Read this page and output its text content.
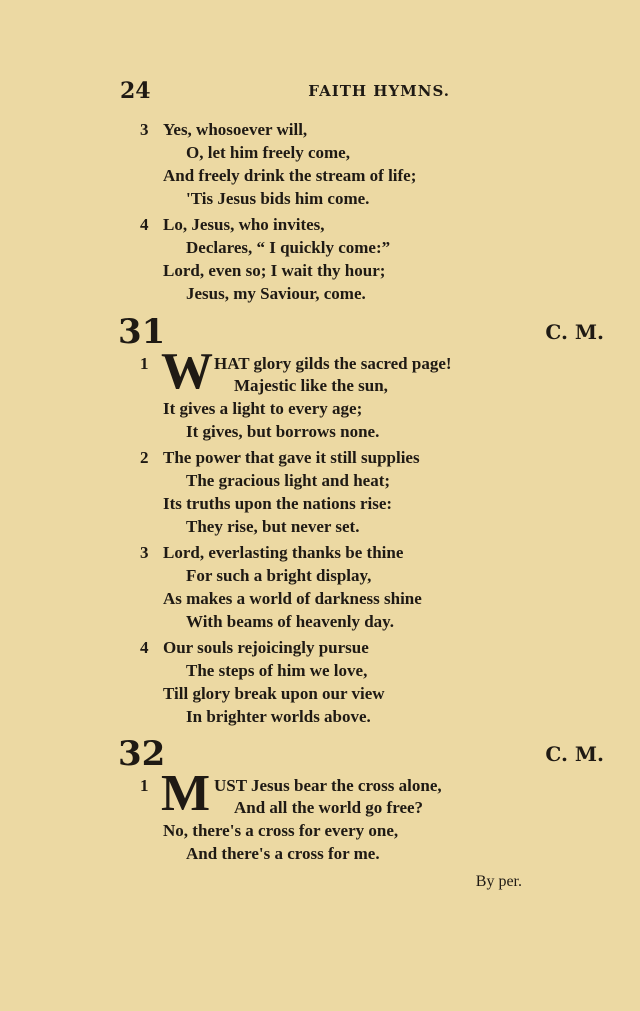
24	FAITH HYMNS.
3 Yes, whosoever will,
O, let him freely come,
And freely drink the stream of life;
'Tis Jesus bids him come.
4 Lo, Jesus, who invites,
Declares, “ I quickly come:”
Lord, even so; I wait thy hour;
Jesus, my Saviour, come.
31	C. M.
1 W HAT glory gilds the sacred page!
Majestic like the sun,
It gives a light to every age;
It gives, but borrows none.
2 The power that gave it still supplies
The gracious light and heat;
Its truths upon the nations rise:
They rise, but never set.
3 Lord, everlasting thanks be thine
For such a bright display,
As makes a world of darkness shine
With beams of heavenly day.
4 Our souls rejoicingly pursue
The steps of him we love,
Till glory break upon our view
In brighter worlds above.
32	C. M.
1 M UST Jesus bear the cross alone,
And all the world go free?
No, there's a cross for every one,
And there's a cross for me.
By per.
